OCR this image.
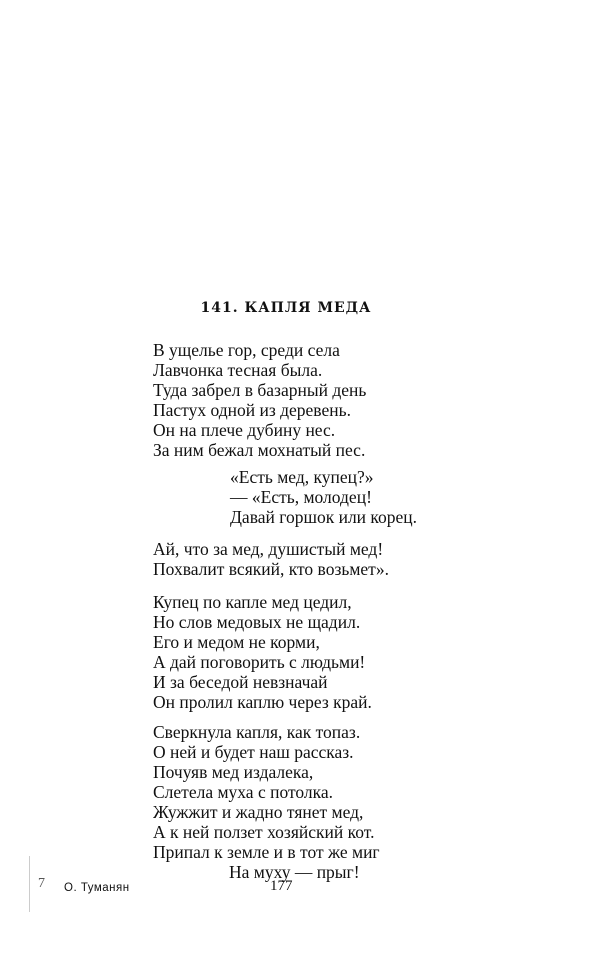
141. КАПЛЯ МЕДА

В ущелье гор, среди села

Лавчонка тесная была.

Туда забрел в базарный день

Пастух одной из деревень.

Он на плече дубину нес.

За ним бежал мохнатый пес.

«Есть мед, купец?»

— «Есть, молодец!

Давай горшок или корец.

Ай, что за мед, душистый мед!

Похвалит всякий, кто возьмет».

Купец по капле мед цедил,

Но слов медовых не щадил.

Его и медом не корми,

А дай поговорить с людьми!

И за беседой невзначай

Он пролил каплю через край.

Сверкнула капля, как топаз.

О ней и будет наш рассказ.

Почуяв мед издалека,

Слетела муха с потолка.

Жужжит и жадно тянет мед,

А к ней ползет хозяйский кот.

Припал к земле и в тот же миг

На муху — прыг!

7 О. Туманян	177
